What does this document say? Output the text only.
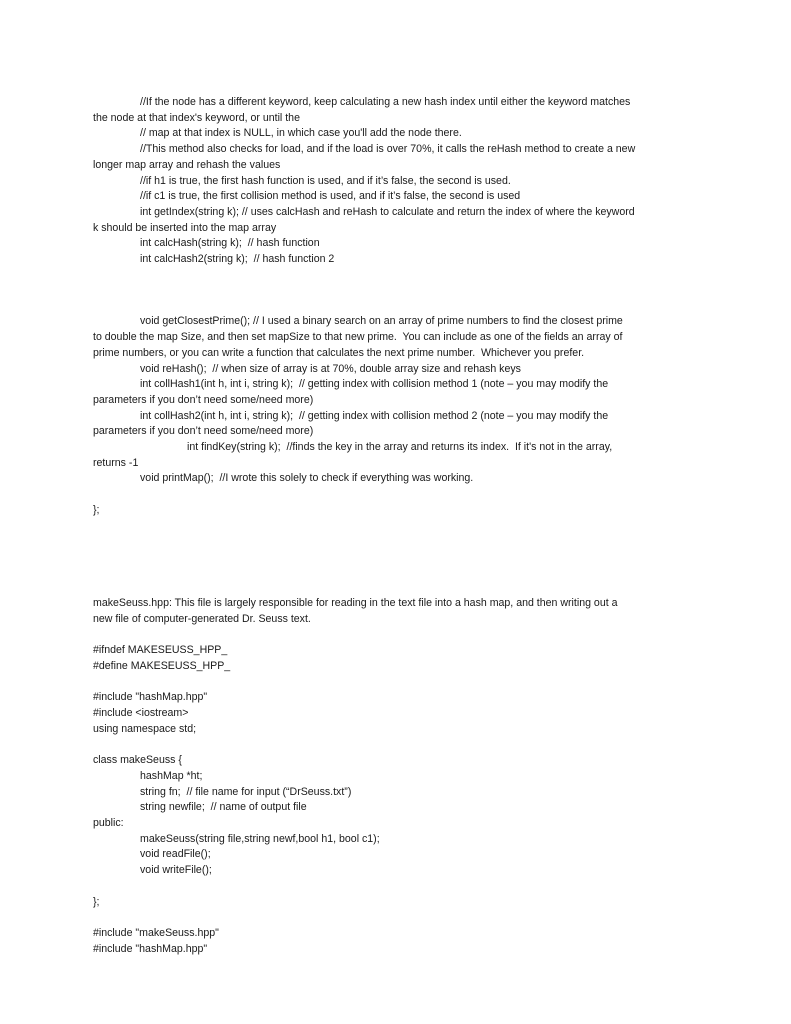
//If the node has a different keyword, keep calculating a new hash index until either the keyword matches
the node at that index's keyword, or until the
// map at that index is NULL, in which case you'll add the node there.
//This method also checks for load, and if the load is over 70%, it calls the reHash method to create a new
longer map array and rehash the values
//if h1 is true, the first hash function is used, and if it’s false, the second is used.
//if c1 is true, the first collision method is used, and if it’s false, the second is used
int getIndex(string k); // uses calcHash and reHash to calculate and return the index of where the keyword
k should be inserted into the map array
int calcHash(string k);  // hash function
int calcHash2(string k);  // hash function 2
void getClosestPrime(); // I used a binary search on an array of prime numbers to find the closest prime
to double the map Size, and then set mapSize to that new prime.  You can include as one of the fields an array of
prime numbers, or you can write a function that calculates the next prime number.  Whichever you prefer.
void reHash();  // when size of array is at 70%, double array size and rehash keys
int collHash1(int h, int i, string k);  // getting index with collision method 1 (note – you may modify the
parameters if you don’t need some/need more)
int collHash2(int h, int i, string k);  // getting index with collision method 2 (note – you may modify the
parameters if you don’t need some/need more)
int findKey(string k);  //finds the key in the array and returns its index.  If it's not in the array,
returns -1
void printMap();  //I wrote this solely to check if everything was working.
};
makeSeuss.hpp: This file is largely responsible for reading in the text file into a hash map, and then writing out a
new file of computer-generated Dr. Seuss text.
#ifndef MAKESEUSS_HPP_
#define MAKESEUSS_HPP_
#include "hashMap.hpp"
#include <iostream>
using namespace std;
class makeSeuss {
hashMap *ht;
string fn;  // file name for input (“DrSeuss.txt”)
string newfile;  // name of output file
public:
makeSeuss(string file,string newf,bool h1, bool c1);
void readFile();
void writeFile();
};
#include "makeSeuss.hpp"
#include "hashMap.hpp"
